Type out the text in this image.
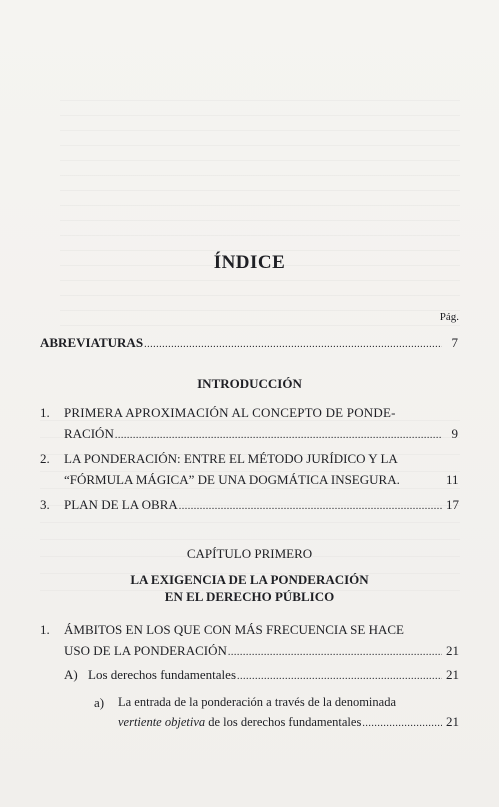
ÍNDICE
Pág.
ABREVIATURAS .....	7
INTRODUCCIÓN
1. PRIMERA APROXIMACIÓN AL CONCEPTO DE PONDE-
RACIÓN .....	9
2. LA PONDERACIÓN: ENTRE EL MÉTODO JURÍDICO Y LA
“FÓRMULA MÁGICA” DE UNA DOGMÁTICA INSEGURA.	11
3. PLAN DE LA OBRA .....	17
CAPÍTULO PRIMERO
LA EXIGENCIA DE LA PONDERACIÓN
EN EL DERECHO PÚBLICO
1. ÁMBITOS EN LOS QUE CON MÁS FRECUENCIA SE HACE
USO DE LA PONDERACIÓN .....	21
A) Los derechos fundamentales .....	21
a) La entrada de la ponderación a través de la denominada
vertiente objetiva de los derechos fundamentales .....	21
